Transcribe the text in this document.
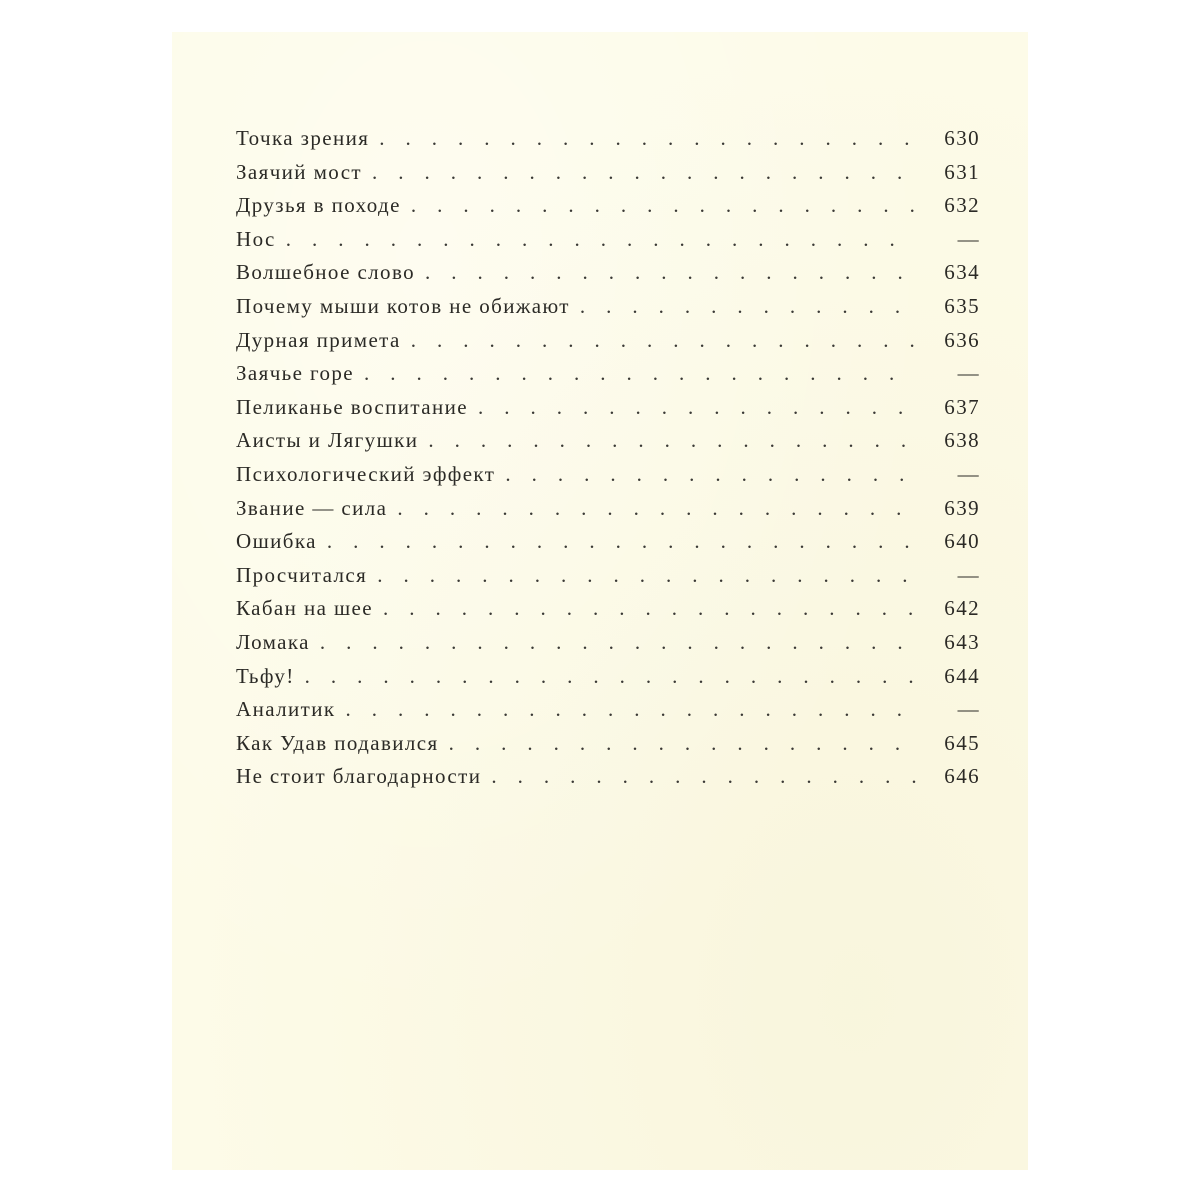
Точка зрения .	630
Заячий мост .	631
Друзья в походе .	632
Нос .	—
Волшебное слово .	634
Почему мыши котов не обижают .	635
Дурная примета .	636
Заячье горе .	—
Пеликанье воспитание .	637
Аисты и Лягушки .	638
Психологический эффект .	—
Звание — сила .	639
Ошибка .	640
Просчитался .	—
Кабан на шее .	642
Ломака .	643
Тьфу! .	644
Аналитик .	—
Как Удав подавился .	645
Не стоит благодарности .	646
